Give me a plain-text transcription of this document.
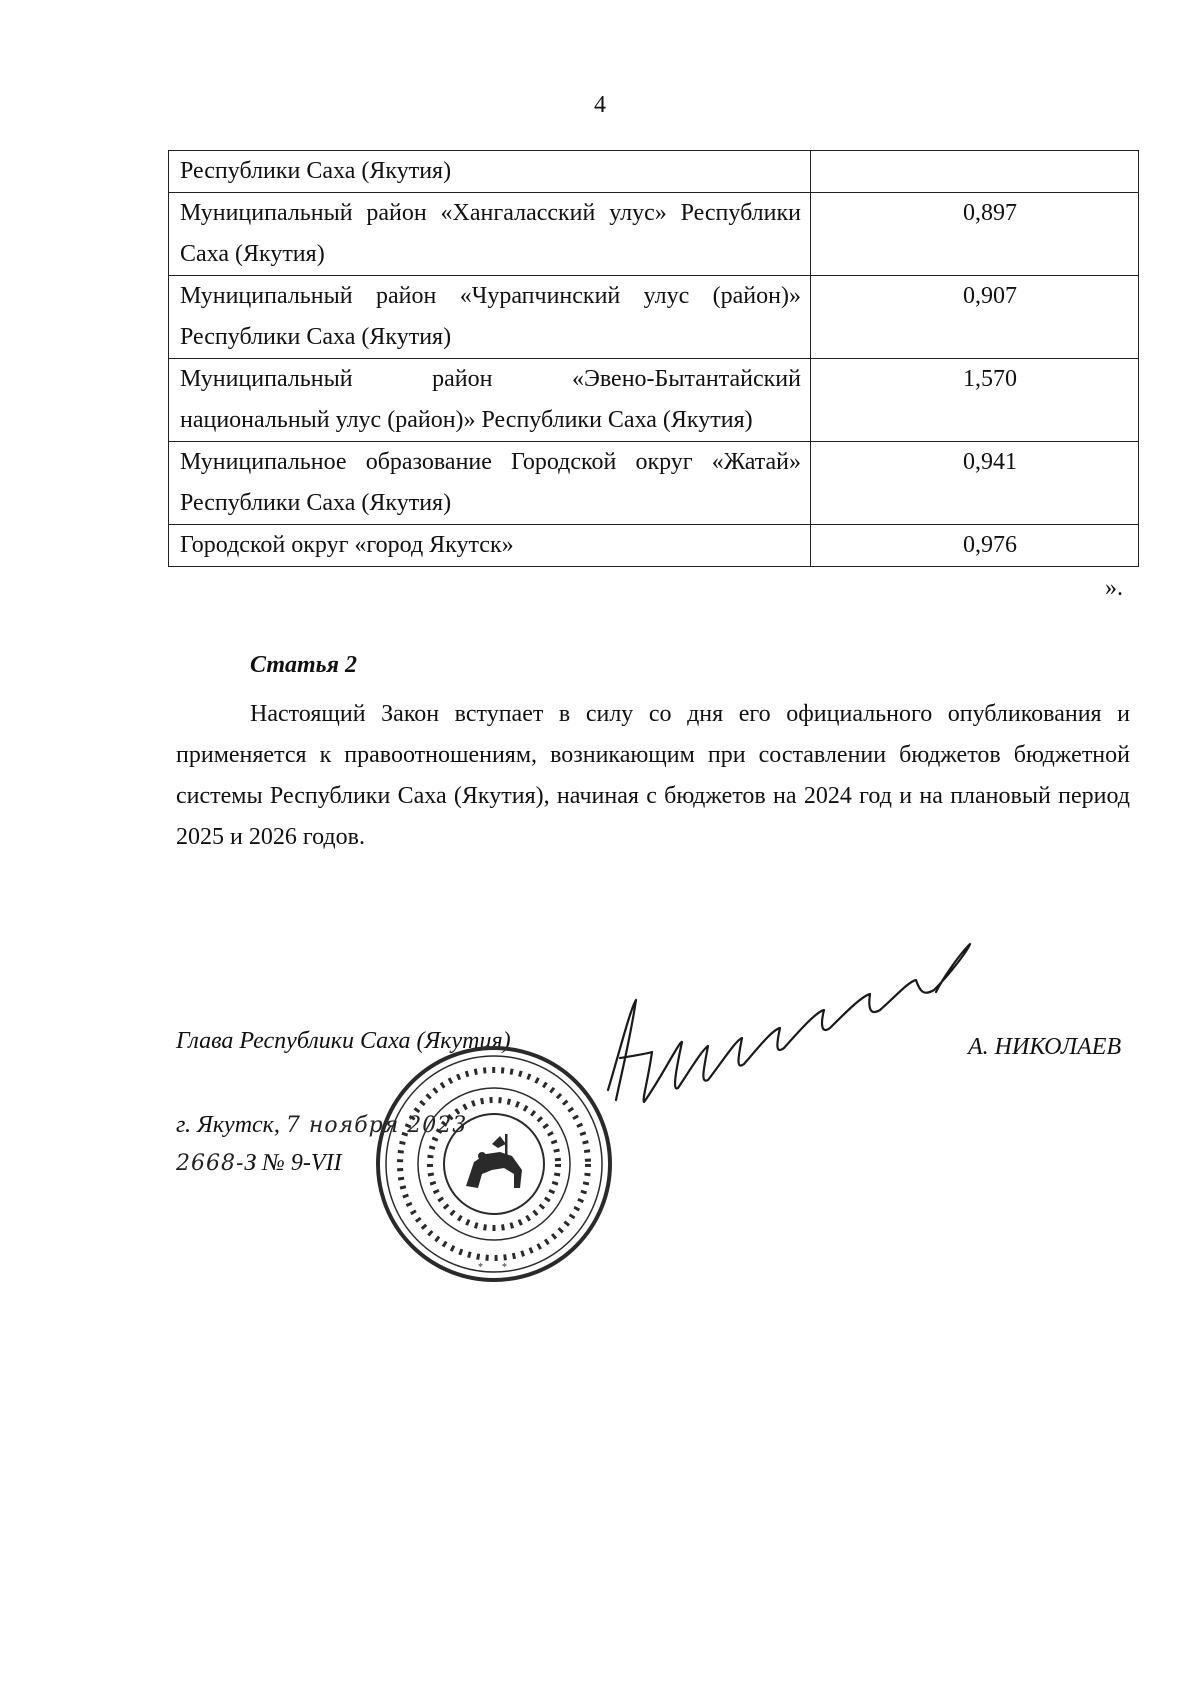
4
Республики Саха (Якутия)	
Муниципальный район «Хангаласский улус» Республики Саха (Якутия)	0,897
Муниципальный район «Чурапчинский улус (район)» Республики Саха (Якутия)	0,907
Муниципальный район «Эвено-Бытантайский национальный улус (район)» Республики Саха (Якутия)	1,570
Муниципальное образование Городской округ «Жатай» Республики Саха (Якутия)	0,941
Городской округ «город Якутск»	0,976
».
Статья 2

Настоящий Закон вступает в силу со дня его официального опубликования и применяется к правоотношениям, возникающим при составлении бюджетов бюджетной системы Республики Саха (Якутия), начиная с бюджетов на 2024 год и на плановый период 2025 и 2026 годов.

Глава Республики Саха (Якутия)	А. НИКОЛАЕВ
г. Якутск, 7 ноября 2023
2668-З № 9-VII
* *
